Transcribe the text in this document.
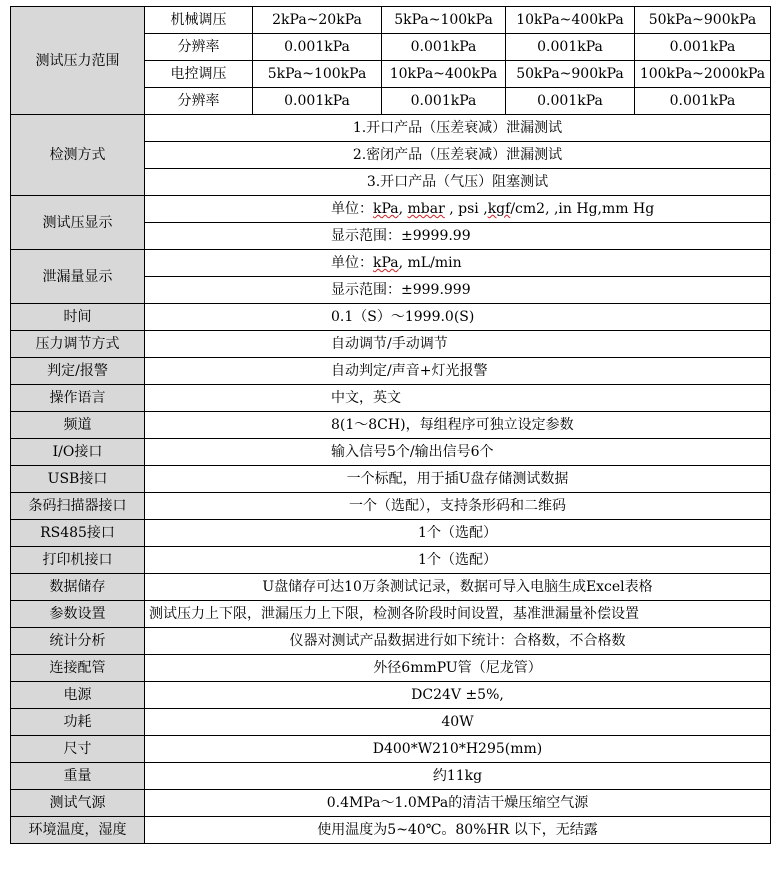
测试压力范围	机械调压	2kPa~20kPa	5kPa~100kPa	10kPa~400kPa	50kPa~900kPa
	分辨率	0.001kPa	0.001kPa	0.001kPa	0.001kPa
	电控调压	5kPa~100kPa	10kPa~400kPa	50kPa~900kPa	100kPa~2000kPa
	分辨率	0.001kPa	0.001kPa	0.001kPa	0.001kPa
检测方式	1.开口产品（压差衰减）泄漏测试				
	2.密闭产品（压差衰减）泄漏测试				
	3.开口产品（气压）阻塞测试				
测试压显示	单位：kPa, mbar , psi ,kgf/cm2, ,in Hg,mm Hg				
	显示范围：±9999.99				
泄漏量显示	单位：kPa, mL/min				
	显示范围：±999.999				
时间	0.1（S）～1999.0(S)				
压力调节方式	自动调节/手动调节				
判定/报警	自动判定/声音+灯光报警				
操作语言	中文，英文				
频道	8(1～8CH)，每组程序可独立设定参数				
I/O接口	输入信号5个/输出信号6个				
USB接口	一个标配，用于插U盘存储测试数据				
条码扫描器接口	一个（选配），支持条形码和二维码				
RS485接口	1个（选配）				
打印机接口	1个（选配）				
数据储存	U盘储存可达10万条测试记录，数据可导入电脑生成Excel表格				
参数设置	测试压力上下限，泄漏压力上下限，检测各阶段时间设置，基准泄漏量补偿设置				
统计分析	仪器对测试产品数据进行如下统计：合格数，不合格数				
连接配管	外径6mmPU管（尼龙管）				
电源	DC24V ±5%,				
功耗	40W				
尺寸	D400*W210*H295(mm)				
重量	约11kg				
测试气源	0.4MPa～1.0MPa的清洁干燥压缩空气源				
环境温度，湿度	使用温度为5~40℃。80%HR 以下，无结露				
